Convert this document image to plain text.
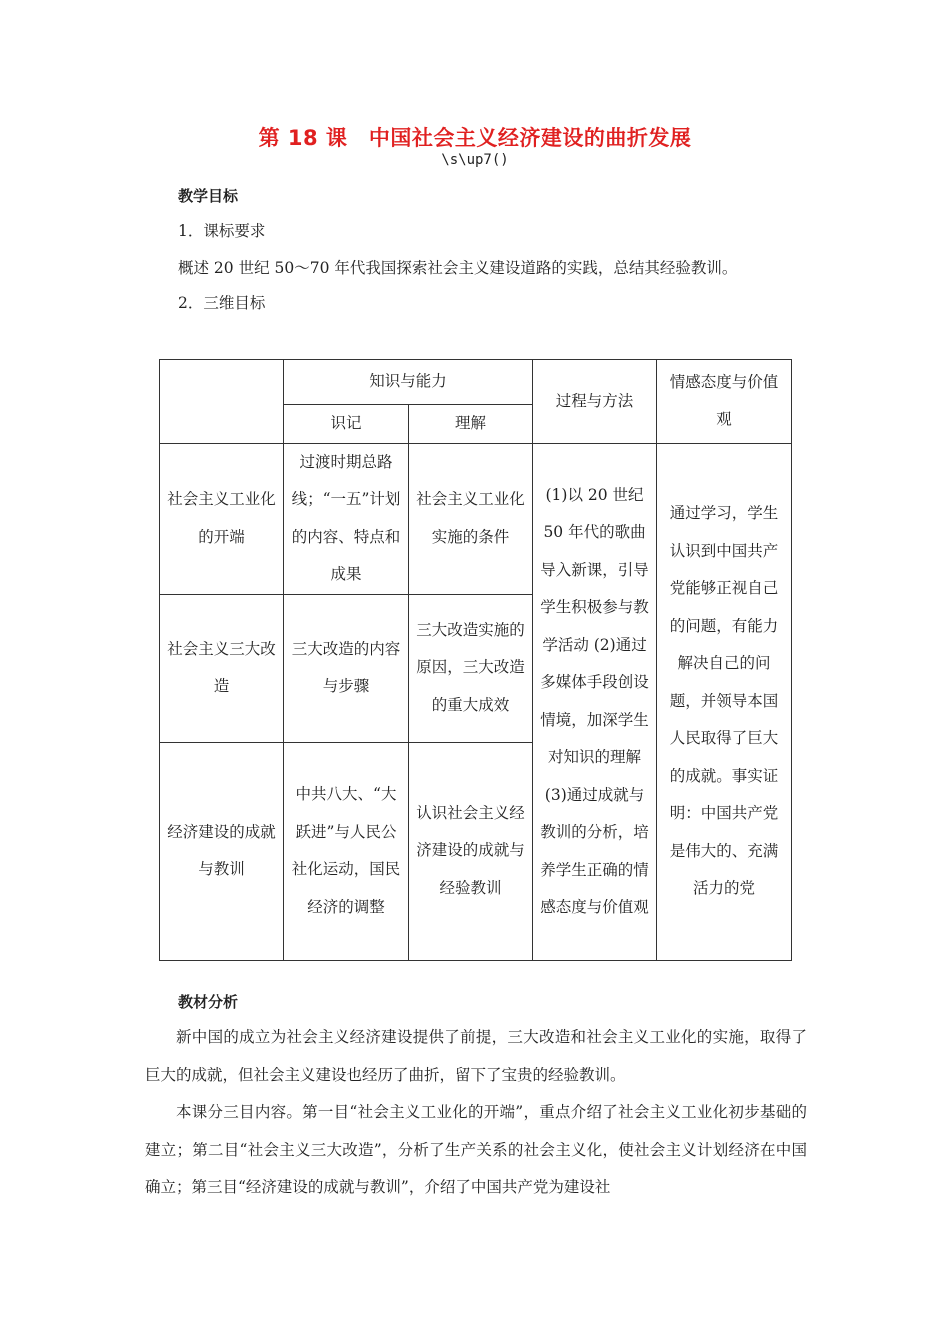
第 18 课　中国社会主义经济建设的曲折发展
\s\up7()
教学目标
1．课标要求
概述 20 世纪 50～70 年代我国探索社会主义建设道路的实践，总结其经验教训。
2．三维目标
	知识与能力		过程与方法	情感态度与价值观
	识记	理解		
社会主义工业化的开端	过渡时期总路线；“一五”计划的内容、特点和成果	社会主义工业化实施的条件	(1)以 20 世纪 50 年代的歌曲导入新课，引导学生积极参与教学活动 (2)通过多媒体手段创设情境，加深学生对知识的理解 (3)通过成就与教训的分析，培养学生正确的情感态度与价值观	通过学习，学生认识到中国共产党能够正视自己的问题，有能力解决自己的问题，并领导本国人民取得了巨大的成就。事实证明：中国共产党是伟大的、充满活力的党
社会主义三大改造	三大改造的内容与步骤	三大改造实施的原因，三大改造的重大成效		
经济建设的成就与教训	中共八大、“大跃进”与人民公社化运动，国民经济的调整	认识社会主义经济建设的成就与经验教训		
教材分析
新中国的成立为社会主义经济建设提供了前提，三大改造和社会主义工业化的实施，取得了巨大的成就，但社会主义建设也经历了曲折，留下了宝贵的经验教训。
本课分三目内容。第一目“社会主义工业化的开端”，重点介绍了社会主义工业化初步基础的建立；第二目“社会主义三大改造”，分析了生产关系的社会主义化，使社会主义计划经济在中国确立；第三目“经济建设的成就与教训”，介绍了中国共产党为建设社
